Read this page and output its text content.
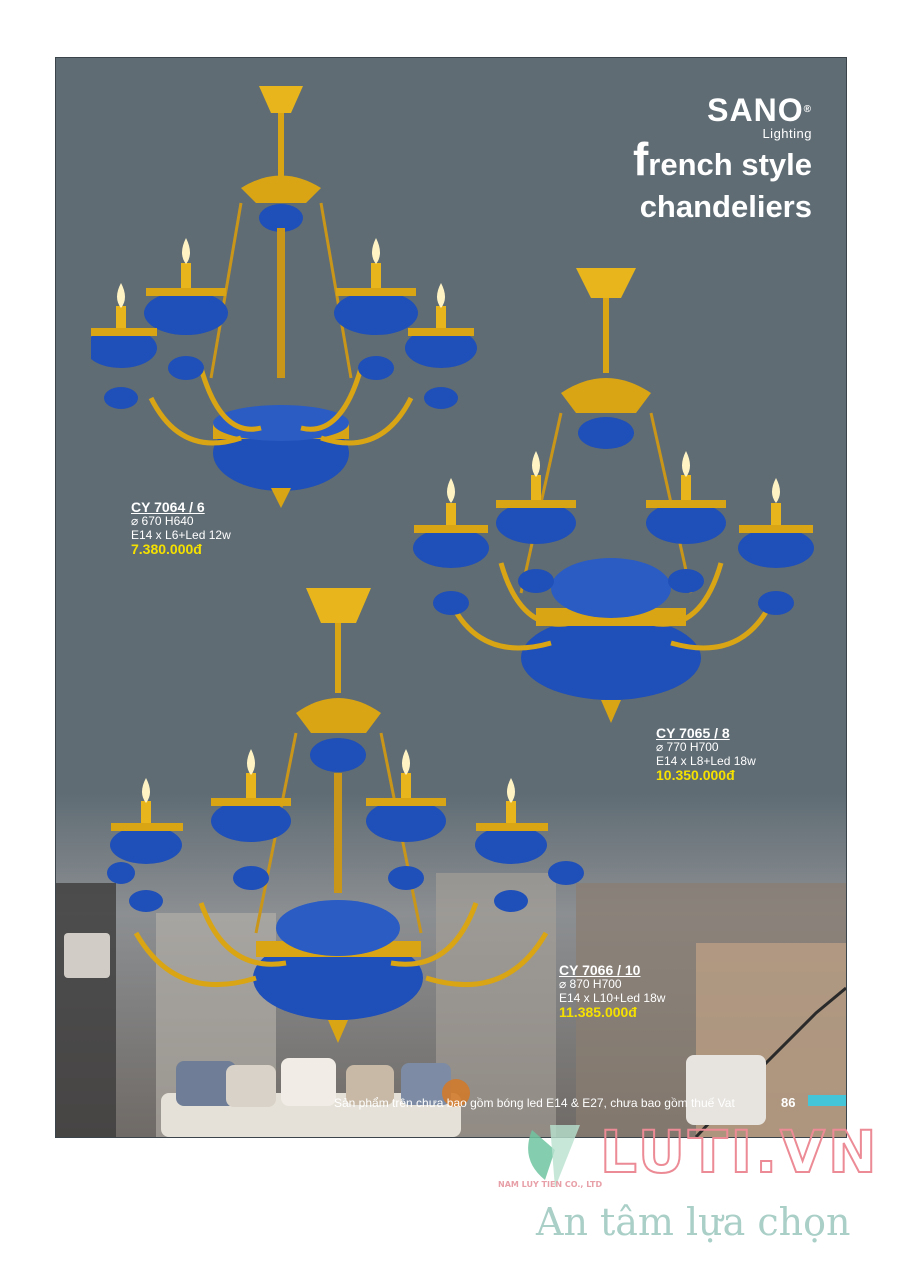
SANO®
Lighting
french style
chandeliers
CY 7064 / 6
⌀ 670 H640
E14 x L6+Led 12w
7.380.000đ
CY 7065 / 8
⌀ 770 H700
E14 x L8+Led 18w
10.350.000đ
CY 7066 / 10
⌀ 870 H700
E14 x L10+Led 18w
11.385.000đ
Sản phẩm trên chưa bao gồm bóng led E14 & E27, chưa bao gồm thuế Vat	86
LUTI.VN
NAM LUY TIEN CO., LTD
An tâm lựa chọn
